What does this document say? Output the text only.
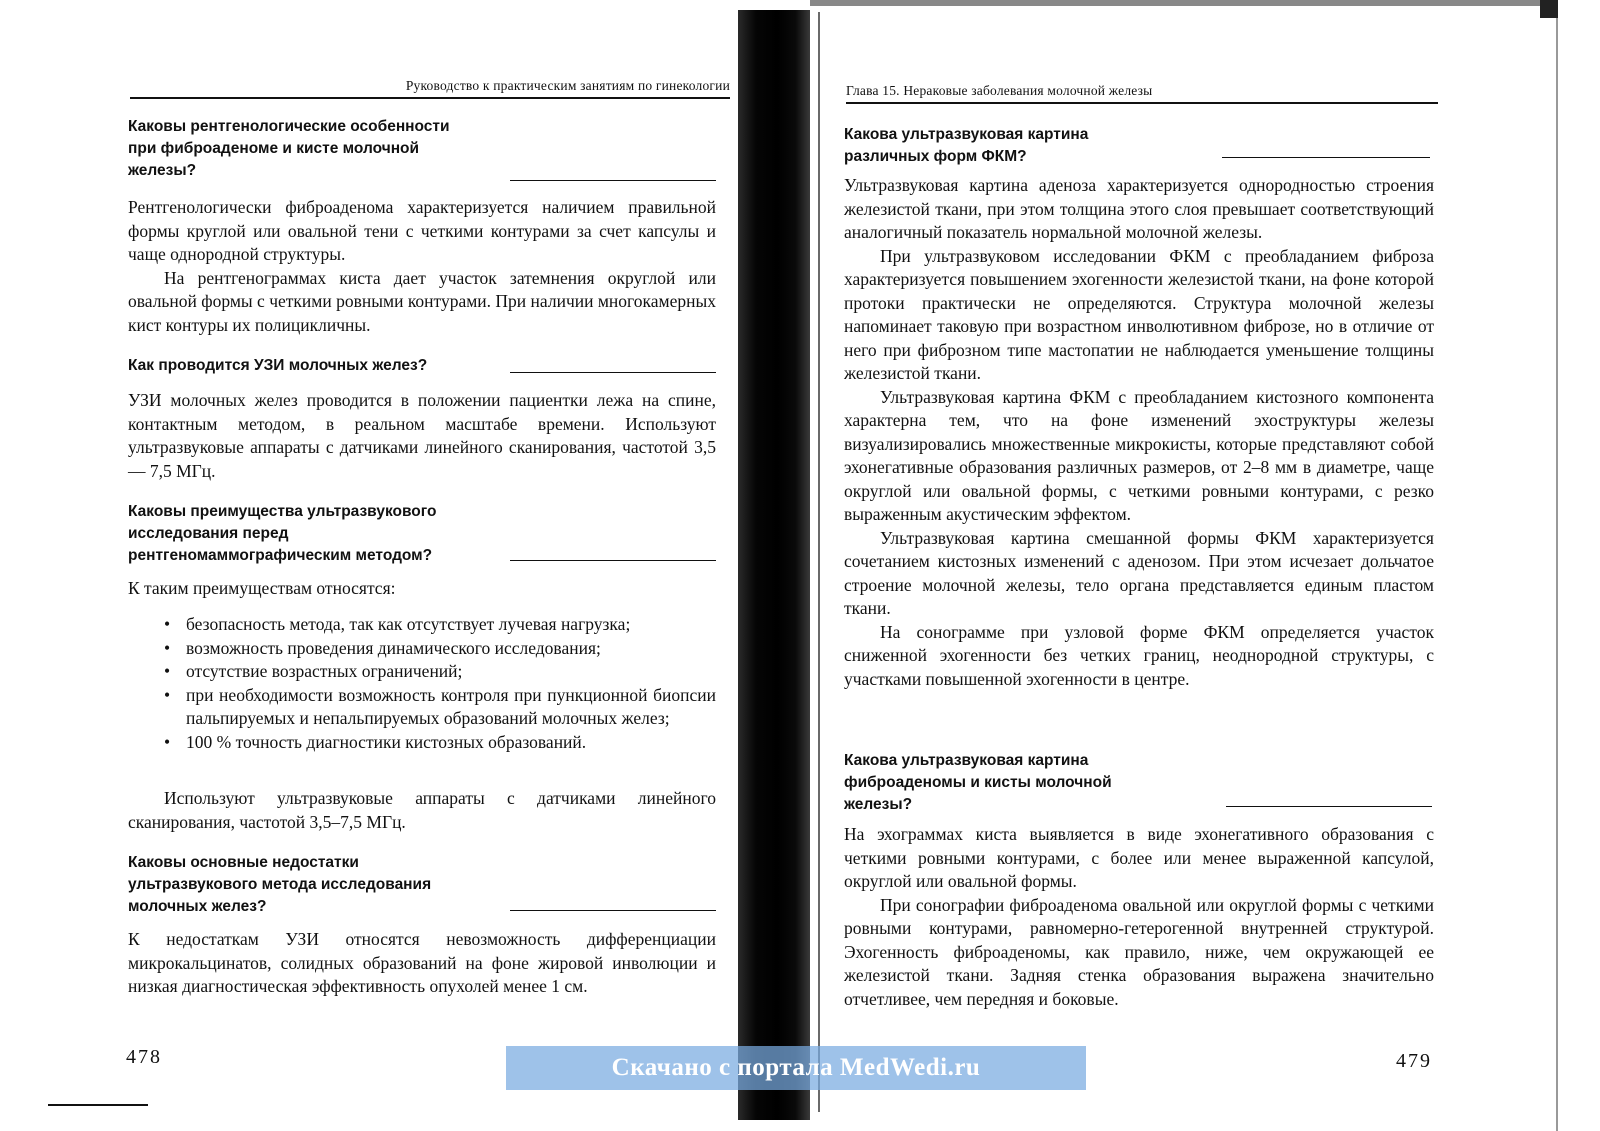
Руководство к практическим занятиям по гинекологии
Каковы рентгенологические особенности
при фиброаденоме и кисте молочной
железы?

Рентгенологически фиброаденома характеризуется наличием правильной формы круглой или овальной тени с четкими контурами за счет капсулы и чаще однородной структуры.

На рентгенограммах киста дает участок затемнения округлой или овальной формы с четкими ровными контурами. При наличии многокамерных кист контуры их полицикличны.

Как проводится УЗИ молочных желез?

УЗИ молочных желез проводится в положении пациентки лежа на спине, контактным методом, в реальном масштабе времени. Используют ультразвуковые аппараты с датчиками линейного сканирования, частотой 3,5 — 7,5 МГц.

Каковы преимущества ультразвукового
исследования перед
рентгеномаммографическим методом?

К таким преимуществам относятся:

• безопасность метода, так как отсутствует лучевая нагрузка;
• возможность проведения динамического исследования;
• отсутствие возрастных ограничений;
• при необходимости возможность контроля при пункционной биопсии пальпируемых и непальпируемых образований молочных желез;
• 100 % точность диагностики кистозных образований.

Используют ультразвуковые аппараты с датчиками линейного сканирования, частотой 3,5–7,5 МГц.

Каковы основные недостатки
ультразвукового метода исследования
молочных желез?

К недостаткам УЗИ относятся невозможность дифференциации микрокальцинатов, солидных образований на фоне жировой инволюции и низкая диагностическая эффективность опухолей менее 1 см.

478
Глава 15. Нераковые заболевания молочной железы
Какова ультразвуковая картина
различных форм ФКМ?

Ультразвуковая картина аденоза характеризуется однородностью строения железистой ткани, при этом толщина этого слоя превышает соответствующий аналогичный показатель нормальной молочной железы.

При ультразвуковом исследовании ФКМ с преобладанием фиброза характеризуется повышением эхогенности железистой ткани, на фоне которой протоки практически не определяются. Структура молочной железы напоминает таковую при возрастном инволютивном фиброзе, но в отличие от него при фиброзном типе мастопатии не наблюдается уменьшение толщины железистой ткани.

Ультразвуковая картина ФКМ с преобладанием кистозного компонента характерна тем, что на фоне изменений эхоструктуры железы визуализировались множественные микрокисты, которые представляют собой эхонегативные образования различных размеров, от 2–8 мм в диаметре, чаще округлой или овальной формы, с четкими ровными контурами, с резко выраженным акустическим эффектом.

Ультразвуковая картина смешанной формы ФКМ характеризуется сочетанием кистозных изменений с аденозом. При этом исчезает дольчатое строение молочной железы, тело органа представляется единым пластом ткани.

На сонограмме при узловой форме ФКМ определяется участок сниженной эхогенности без четких границ, неоднородной структуры, с участками повышенной эхогенности в центре.

Какова ультразвуковая картина
фиброаденомы и кисты молочной
железы?

На эхограммах киста выявляется в виде эхонегативного образования с четкими ровными контурами, с более или менее выраженной капсулой, округлой или овальной формы.

При сонографии фиброаденома овальной или округлой формы с четкими ровными контурами, равномерно-гетерогенной внутренней структурой. Эхогенность фиброаденомы, как правило, ниже, чем окружающей ее железистой ткани. Задняя стенка образования выражена значительно отчетливее, чем передняя и боковые.

479
Скачано с портала MedWedi.ru
